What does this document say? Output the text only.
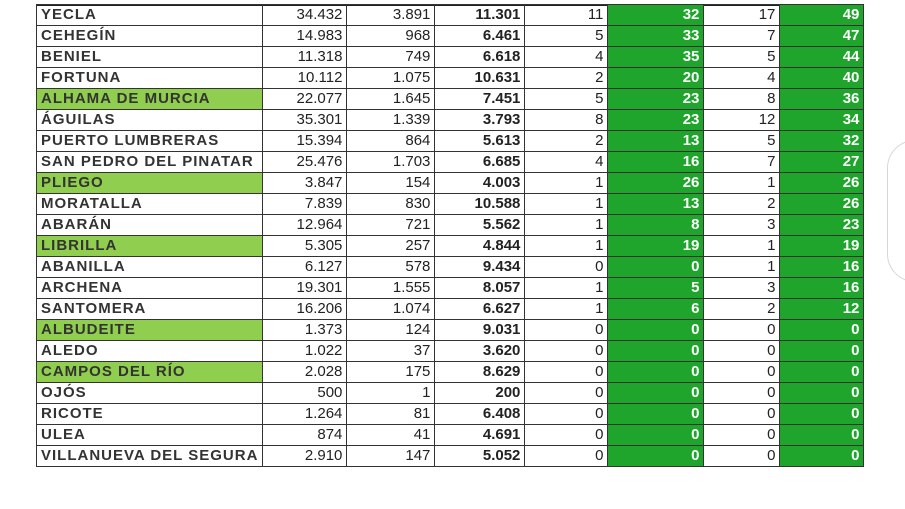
YECLA	34.432	3.891	11.301	11	32	17	49
CEHEGÍN	14.983	968	6.461	5	33	7	47
BENIEL	11.318	749	6.618	4	35	5	44
FORTUNA	10.112	1.075	10.631	2	20	4	40
ALHAMA DE MURCIA	22.077	1.645	7.451	5	23	8	36
ÁGUILAS	35.301	1.339	3.793	8	23	12	34
PUERTO LUMBRERAS	15.394	864	5.613	2	13	5	32
SAN PEDRO DEL PINATAR	25.476	1.703	6.685	4	16	7	27
PLIEGO	3.847	154	4.003	1	26	1	26
MORATALLA	7.839	830	10.588	1	13	2	26
ABARÁN	12.964	721	5.562	1	8	3	23
LIBRILLA	5.305	257	4.844	1	19	1	19
ABANILLA	6.127	578	9.434	0	0	1	16
ARCHENA	19.301	1.555	8.057	1	5	3	16
SANTOMERA	16.206	1.074	6.627	1	6	2	12
ALBUDEITE	1.373	124	9.031	0	0	0	0
ALEDO	1.022	37	3.620	0	0	0	0
CAMPOS DEL RÍO	2.028	175	8.629	0	0	0	0
OJÓS	500	1	200	0	0	0	0
RICOTE	1.264	81	6.408	0	0	0	0
ULEA	874	41	4.691	0	0	0	0
VILLANUEVA DEL SEGURA	2.910	147	5.052	0	0	0	0
